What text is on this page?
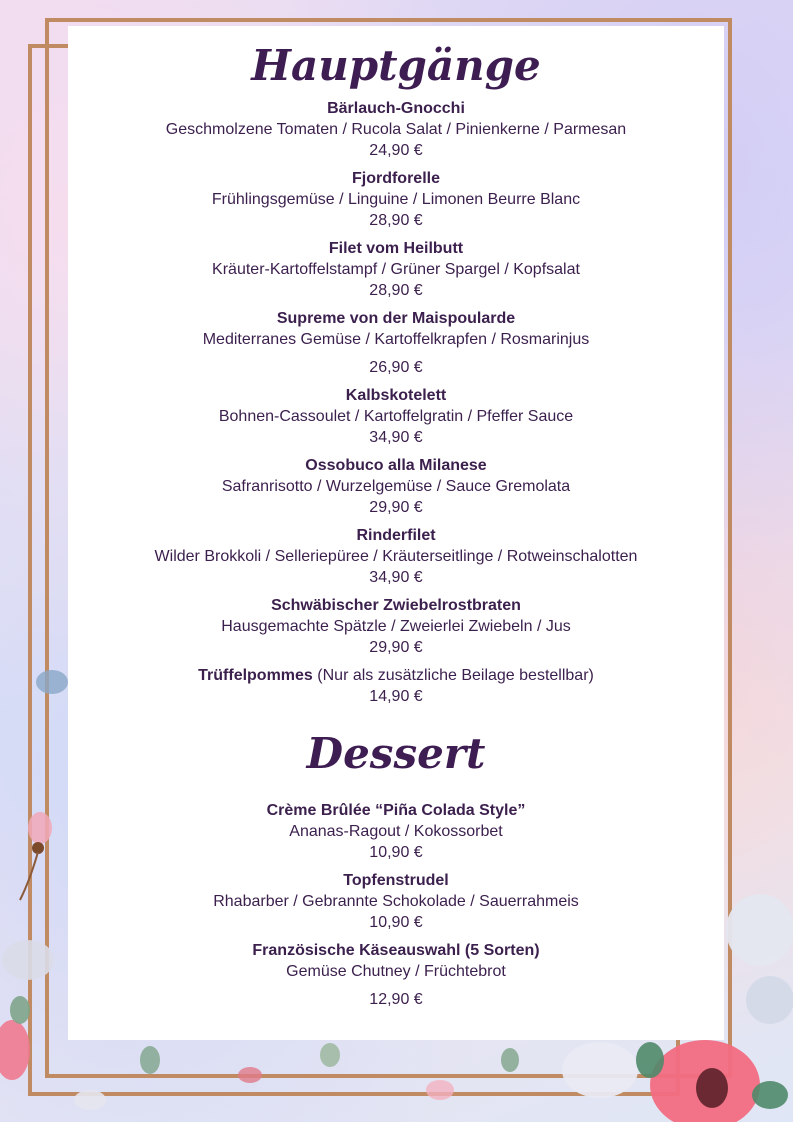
Hauptgänge
Bärlauch-Gnocchi
Geschmolzene Tomaten / Rucola Salat / Pinienkerne / Parmesan
24,90 €
Fjordforelle
Frühlingsgemüse / Linguine / Limonen Beurre Blanc
28,90 €
Filet vom Heilbutt
Kräuter-Kartoffelstampf / Grüner Spargel / Kopfsalat
28,90 €
Supreme von der Maispoularde
Mediterranes Gemüse / Kartoffelkrapfen / Rosmarinjus
26,90 €
Kalbskotelett
Bohnen-Cassoulet / Kartoffelgratin / Pfeffer Sauce
34,90 €
Ossobuco alla Milanese
Safranrisotto / Wurzelgemüse / Sauce Gremolata
29,90 €
Rinderfilet
Wilder Brokkoli / Selleriepüree / Kräuterseitlinge / Rotweinschalotten
34,90 €
Schwäbischer Zwiebelrostbraten
Hausgemachte Spätzle / Zweierlei Zwiebeln / Jus
29,90 €
Trüffelpommes (Nur als zusätzliche Beilage bestellbar)
14,90 €
Dessert
Crème Brûlée “Piña Colada Style”
Ananas-Ragout / Kokossorbet
10,90 €
Topfenstrudel
Rhabarber / Gebrannte Schokolade / Sauerrahmeis
10,90 €
Französische Käseauswahl (5 Sorten)
Gemüse Chutney / Früchtebrot
12,90 €
